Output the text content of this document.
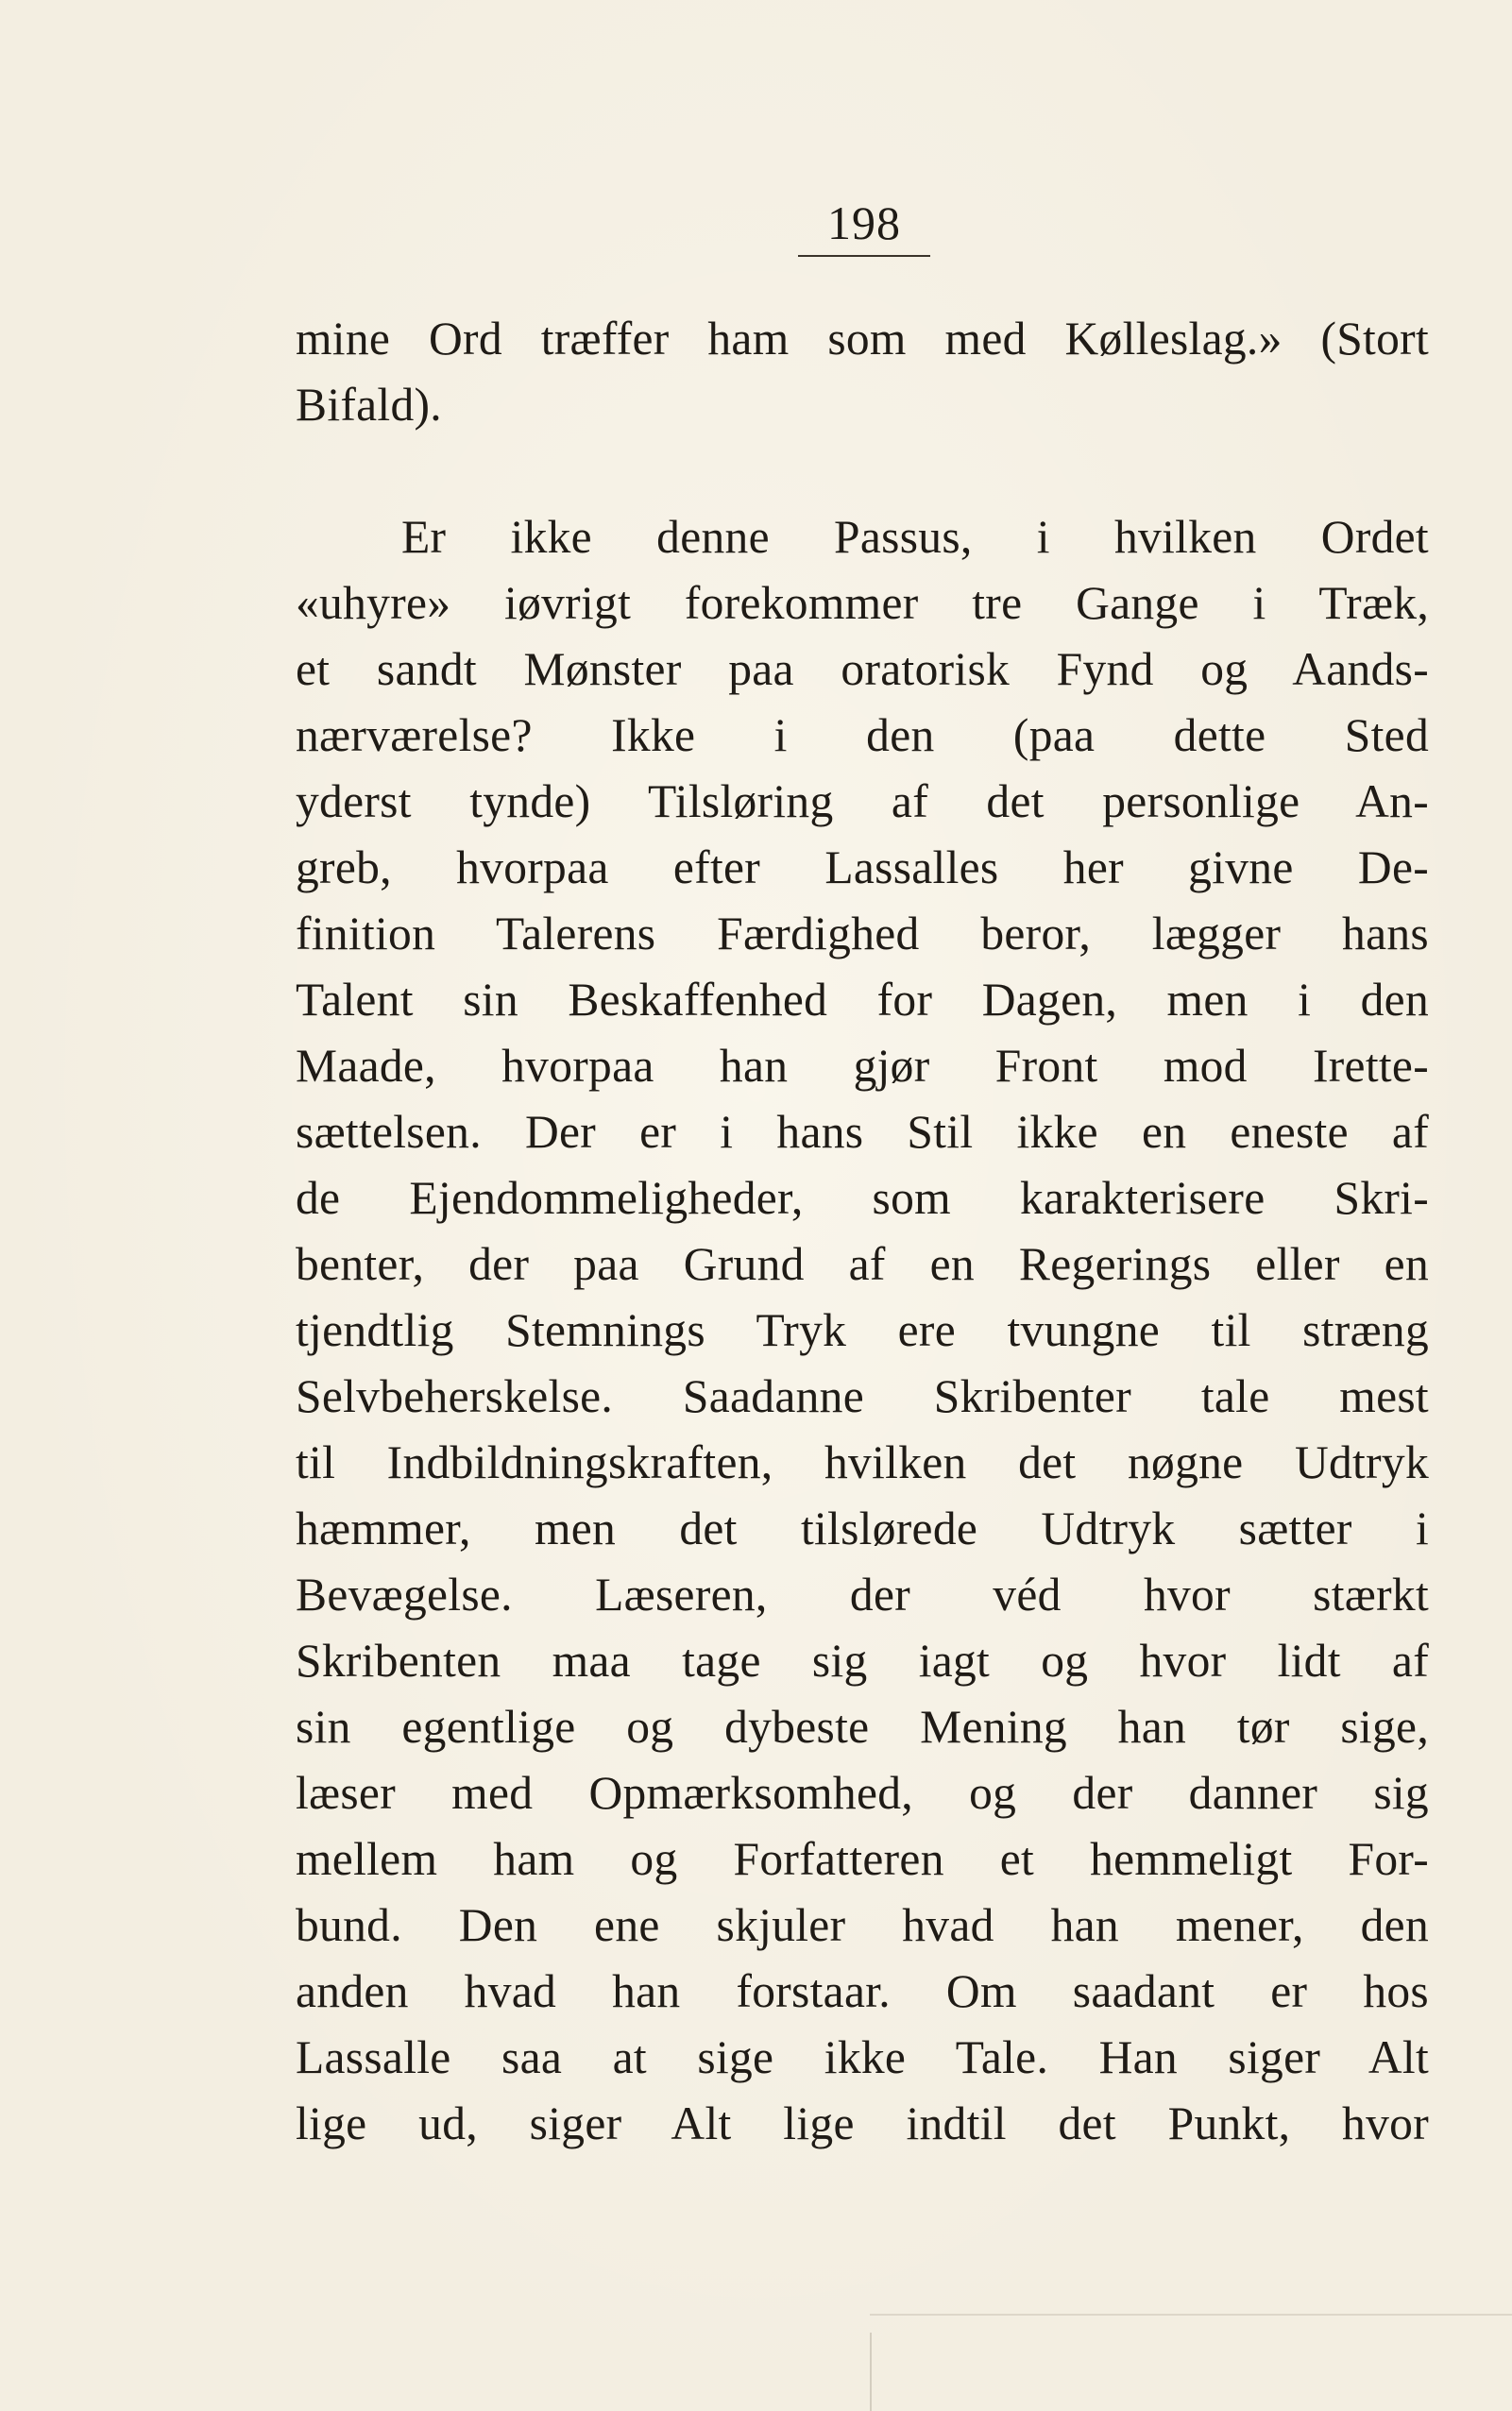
198
mine Ord træffer ham som med Kølleslag.» (Stort
Bifald).
Er ikke denne Passus, i hvilken Ordet
«uhyre» iøvrigt forekommer tre Gange i Træk,
et sandt Mønster paa oratorisk Fynd og Aands-
nærværelse? Ikke i den (paa dette Sted
yderst tynde) Tilsløring af det personlige An-
greb, hvorpaa efter Lassalles her givne De-
finition Talerens Færdighed beror, lægger hans
Talent sin Beskaffenhed for Dagen, men i den
Maade, hvorpaa han gjør Front mod Irette-
sættelsen. Der er i hans Stil ikke en eneste af
de Ejendommeligheder, som karakterisere Skri-
benter, der paa Grund af en Regerings eller en
tjendtlig Stemnings Tryk ere tvungne til stræng
Selvbeherskelse. Saadanne Skribenter tale mest
til Indbildningskraften, hvilken det nøgne Udtryk
hæmmer, men det tilslørede Udtryk sætter i
Bevægelse. Læseren, der véd hvor stærkt
Skribenten maa tage sig iagt og hvor lidt af
sin egentlige og dybeste Mening han tør sige,
læser med Opmærksomhed, og der danner sig
mellem ham og Forfatteren et hemmeligt For-
bund. Den ene skjuler hvad han mener, den
anden hvad han forstaar. Om saadant er hos
Lassalle saa at sige ikke Tale. Han siger Alt
lige ud, siger Alt lige indtil det Punkt, hvor
